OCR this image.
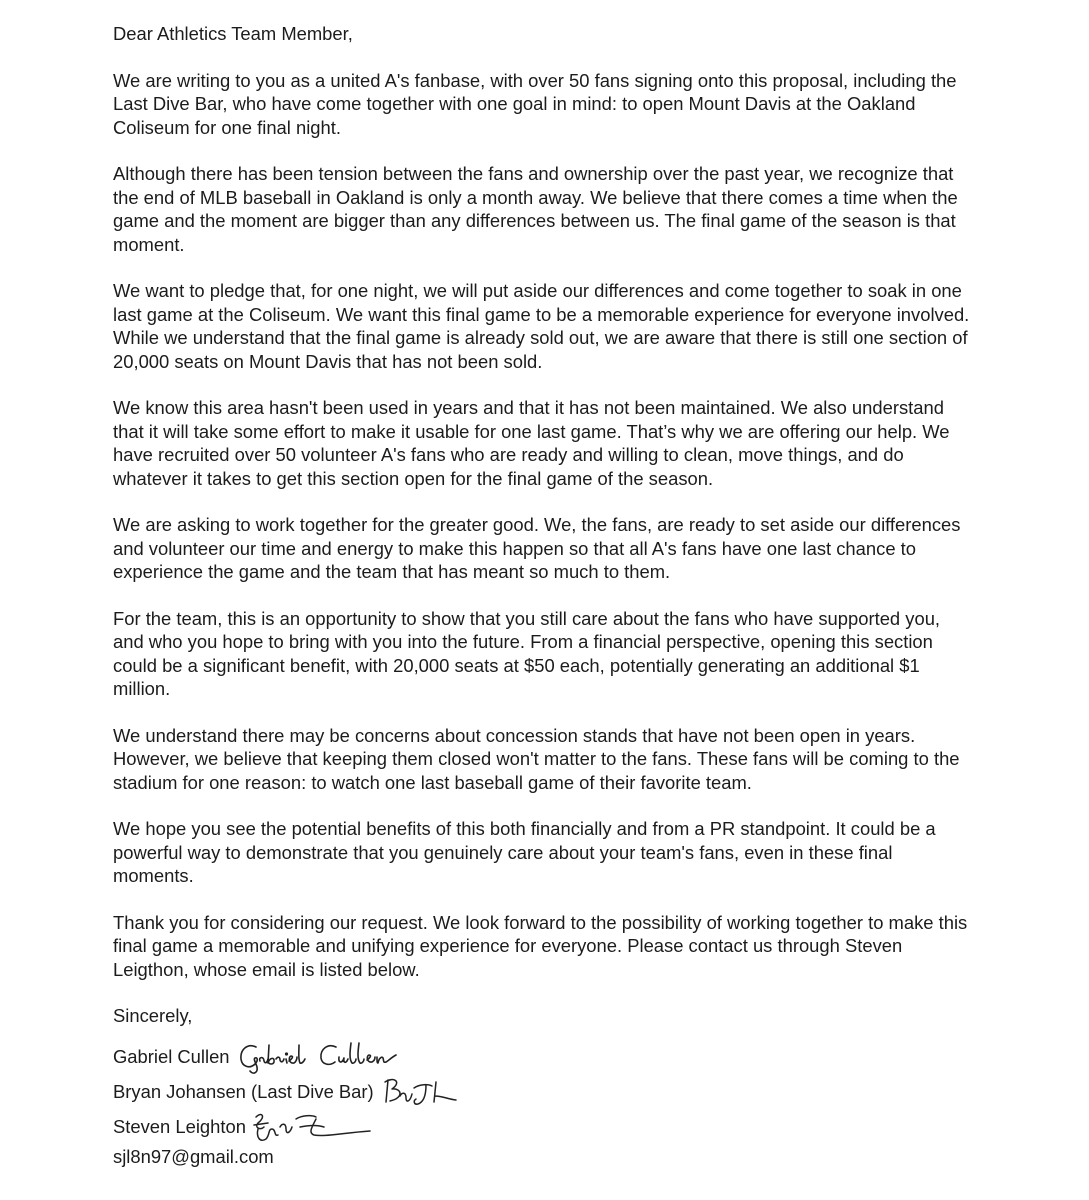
Dear Athletics Team Member,

We are writing to you as a united A's fanbase, with over 50 fans signing onto this proposal, including the Last Dive Bar, who have come together with one goal in mind: to open Mount Davis at the Oakland Coliseum for one final night.

Although there has been tension between the fans and ownership over the past year, we recognize that the end of MLB baseball in Oakland is only a month away. We believe that there comes a time when the game and the moment are bigger than any differences between us. The final game of the season is that moment.

We want to pledge that, for one night, we will put aside our differences and come together to soak in one last game at the Coliseum. We want this final game to be a memorable experience for everyone involved. While we understand that the final game is already sold out, we are aware that there is still one section of 20,000 seats on Mount Davis that has not been sold.

We know this area hasn't been used in years and that it has not been maintained. We also understand that it will take some effort to make it usable for one last game. That’s why we are offering our help. We have recruited over 50 volunteer A's fans who are ready and willing to clean, move things, and do whatever it takes to get this section open for the final game of the season.

We are asking to work together for the greater good. We, the fans, are ready to set aside our differences and volunteer our time and energy to make this happen so that all A's fans have one last chance to experience the game and the team that has meant so much to them.

For the team, this is an opportunity to show that you still care about the fans who have supported you, and who you hope to bring with you into the future. From a financial perspective, opening this section could be a significant benefit, with 20,000 seats at $50 each, potentially generating an additional $1 million.

We understand there may be concerns about concession stands that have not been open in years. However, we believe that keeping them closed won't matter to the fans. These fans will be coming to the stadium for one reason: to watch one last baseball game of their favorite team.

We hope you see the potential benefits of this both financially and from a PR standpoint. It could be a powerful way to demonstrate that you genuinely care about your team's fans, even in these final moments.

Thank you for considering our request. We look forward to the possibility of working together to make this final game a memorable and unifying experience for everyone. Please contact us through Steven Leigthon, whose email is listed below.

Sincerely,

Gabriel Cullen
Bryan Johansen (Last Dive Bar)
Steven Leighton
sjl8n97@gmail.com
